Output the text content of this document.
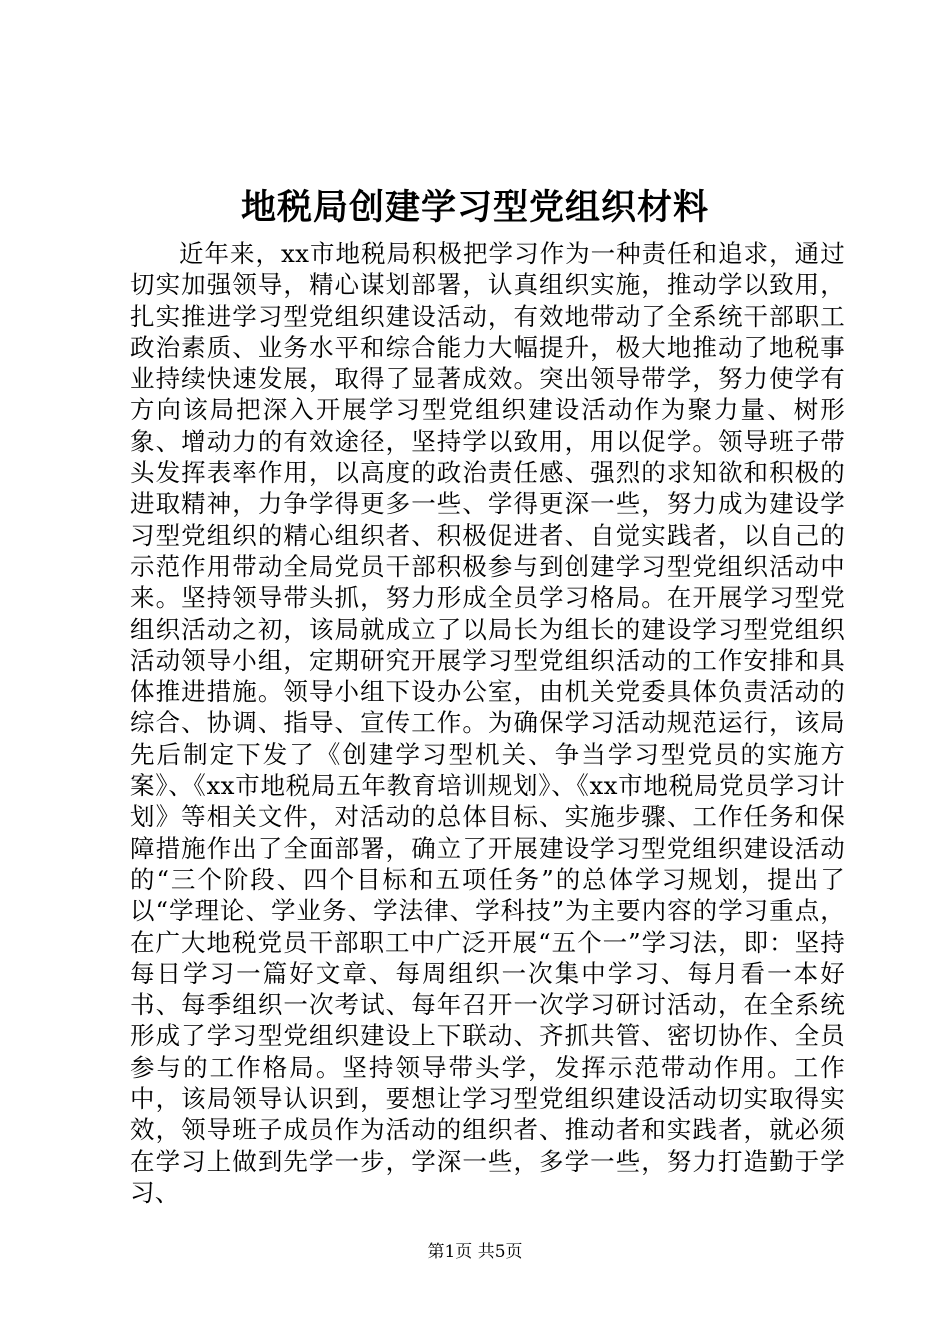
地税局创建学习型党组织材料

近年来，xx市地税局积极把学习作为一种责任和追求，通过切实加强领导，精心谋划部署，认真组织实施，推动学以致用，扎实推进学习型党组织建设活动，有效地带动了全系统干部职工政治素质、业务水平和综合能力大幅提升，极大地推动了地税事业持续快速发展，取得了显著成效。突出领导带学，努力使学有方向该局把深入开展学习型党组织建设活动作为聚力量、树形象、增动力的有效途径，坚持学以致用，用以促学。领导班子带头发挥表率作用，以高度的政治责任感、强烈的求知欲和积极的进取精神，力争学得更多一些、学得更深一些，努力成为建设学习型党组织的精心组织者、积极促进者、自觉实践者，以自己的示范作用带动全局党员干部积极参与到创建学习型党组织活动中来。坚持领导带头抓，努力形成全员学习格局。在开展学习型党组织活动之初，该局就成立了以局长为组长的建设学习型党组织活动领导小组，定期研究开展学习型党组织活动的工作安排和具体推进措施。领导小组下设办公室，由机关党委具体负责活动的综合、协调、指导、宣传工作。为确保学习活动规范运行，该局先后制定下发了《创建学习型机关、争当学习型党员的实施方案》、《xx市地税局五年教育培训规划》、《xx市地税局党员学习计划》等相关文件，对活动的总体目标、实施步骤、工作任务和保障措施作出了全面部署，确立了开展建设学习型党组织建设活动的“三个阶段、四个目标和五项任务”的总体学习规划，提出了以“学理论、学业务、学法律、学科技”为主要内容的学习重点，在广大地税党员干部职工中广泛开展“五个一”学习法，即：坚持每日学习一篇好文章、每周组织一次集中学习、每月看一本好书、每季组织一次考试、每年召开一次学习研讨活动，在全系统形成了学习型党组织建设上下联动、齐抓共管、密切协作、全员参与的工作格局。坚持领导带头学，发挥示范带动作用。工作中，该局领导认识到，要想让学习型党组织建设活动切实取得实效，领导班子成员作为活动的组织者、推动者和实践者，就必须在学习上做到先学一步，学深一些，多学一些，努力打造勤于学习、

第1页 共5页
